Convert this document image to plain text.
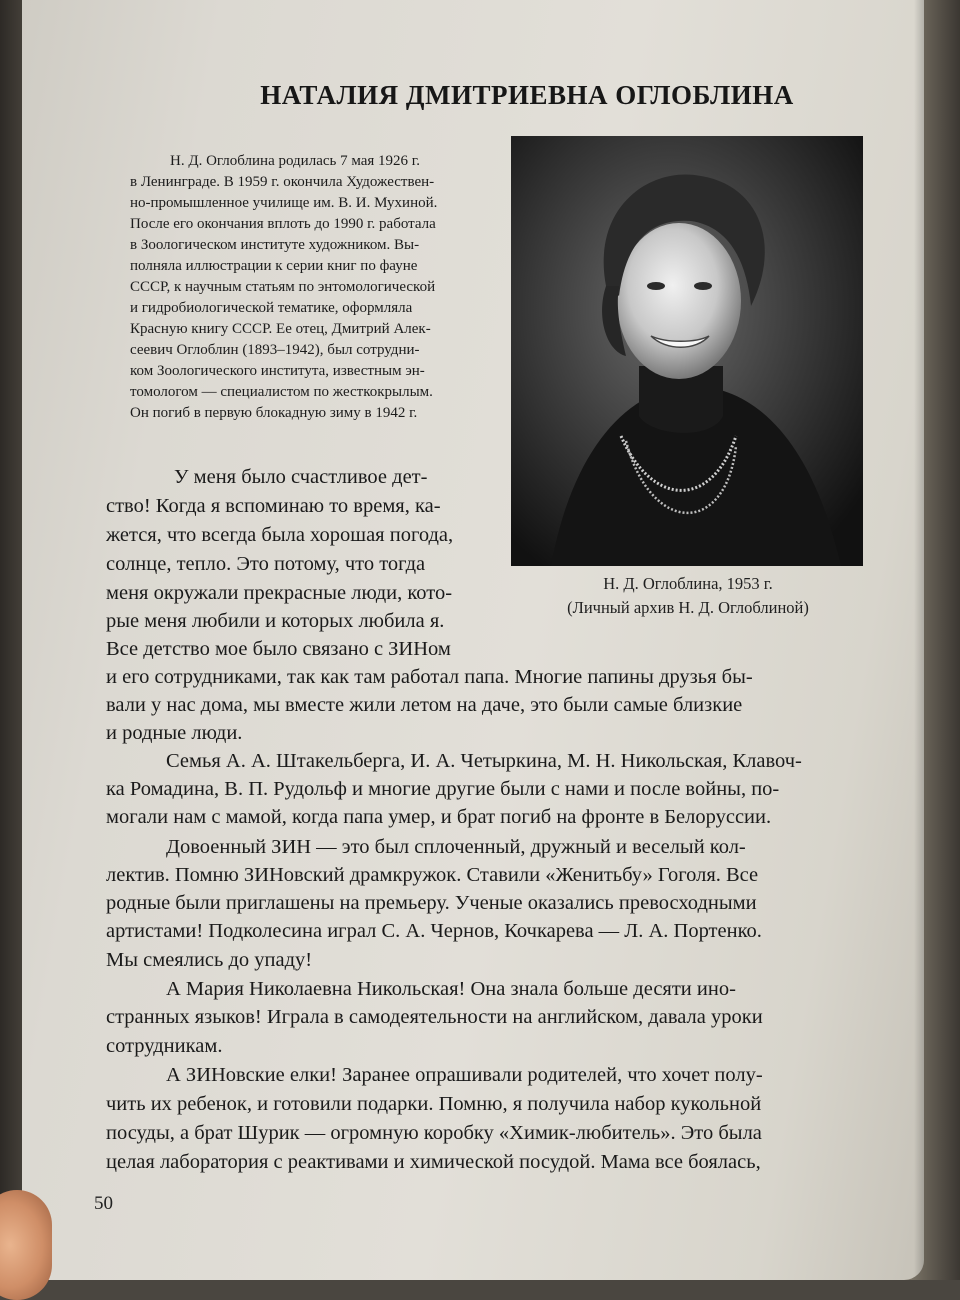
НАТАЛИЯ ДМИТРИЕВНА ОГЛОБЛИНА

Н. Д. Оглоблина родилась 7 мая 1926 г.

в Ленинграде. В 1959 г. окончила Художествен-

но-промышленное училище им. В. И. Мухиной.

После его окончания вплоть до 1990 г. работала

в Зоологическом институте художником. Вы-

полняла иллюстрации к серии книг по фауне

СССР, к научным статьям по энтомологической

и гидробиологической тематике, оформляла

Красную книгу СССР. Ее отец, Дмитрий Алек-

сеевич Оглоблин (1893–1942), был сотрудни-

ком Зоологического института, известным эн-

томологом — специалистом по жесткокрылым.

Он погиб в первую блокадную зиму в 1942 г.

Н. Д. Оглоблина, 1953 г.

(Личный архив Н. Д. Оглоблиной)

У меня было счастливое дет-

ство! Когда я вспоминаю то время, ка-

жется, что всегда была хорошая погода,

солнце, тепло. Это потому, что тогда

меня окружали прекрасные люди, кото-

рые меня любили и которых любила я.

Все детство мое было связано с ЗИНом

и его сотрудниками, так как там работал папа. Многие папины друзья бы-

вали у нас дома, мы вместе жили летом на даче, это были самые близкие

и родные люди.

Семья А. А. Штакельберга, И. А. Четыркина, М. Н. Никольская, Клавоч-

ка Ромадина, В. П. Рудольф и многие другие были с нами и после войны, по-

могали нам с мамой, когда папа умер, и брат погиб на фронте в Белоруссии.

Довоенный ЗИН — это был сплоченный, дружный и веселый кол-

лектив. Помню ЗИНовский драмкружок. Ставили «Женитьбу» Гоголя. Все

родные были приглашены на премьеру. Ученые оказались превосходными

артистами! Подколесина играл С. А. Чернов, Кочкарева — Л. А. Портенко.

Мы смеялись до упаду!

А Мария Николаевна Никольская! Она знала больше десяти ино-

странных языков! Играла в самодеятельности на английском, давала уроки

сотрудникам.

А ЗИНовские елки! Заранее опрашивали родителей, что хочет полу-

чить их ребенок, и готовили подарки. Помню, я получила набор кукольной

посуды, а брат Шурик — огромную коробку «Химик-любитель». Это была

целая лаборатория с реактивами и химической посудой. Мама все боялась,

50
